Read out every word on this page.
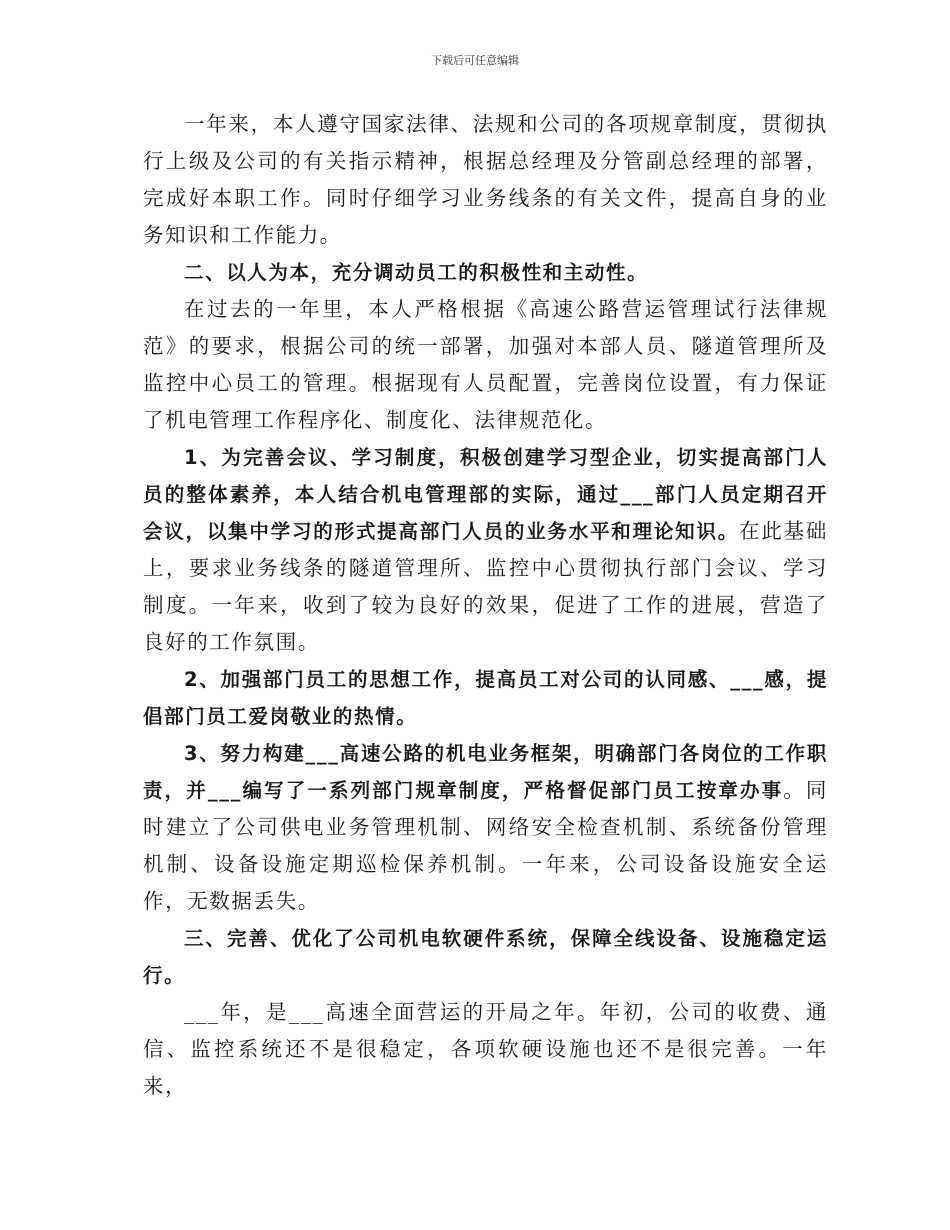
下载后可任意编辑

一年来，本人遵守国家法律、法规和公司的各项规章制度，贯彻执行上级及公司的有关指示精神，根据总经理及分管副总经理的部署，完成好本职工作。同时仔细学习业务线条的有关文件，提高自身的业务知识和工作能力。

二、以人为本，充分调动员工的积极性和主动性。

在过去的一年里，本人严格根据《高速公路营运管理试行法律规范》的要求，根据公司的统一部署，加强对本部人员、隧道管理所及监控中心员工的管理。根据现有人员配置，完善岗位设置，有力保证了机电管理工作程序化、制度化、法律规范化。

1、为完善会议、学习制度，积极创建学习型企业，切实提高部门人员的整体素养，本人结合机电管理部的实际，通过___部门人员定期召开会议，以集中学习的形式提高部门人员的业务水平和理论知识。在此基础上，要求业务线条的隧道管理所、监控中心贯彻执行部门会议、学习制度。一年来，收到了较为良好的效果，促进了工作的进展，营造了良好的工作氛围。

2、加强部门员工的思想工作，提高员工对公司的认同感、___感，提倡部门员工爱岗敬业的热情。

3、努力构建___高速公路的机电业务框架，明确部门各岗位的工作职责，并___编写了一系列部门规章制度，严格督促部门员工按章办事。同时建立了公司供电业务管理机制、网络安全检查机制、系统备份管理机制、设备设施定期巡检保养机制。一年来，公司设备设施安全运作，无数据丢失。

三、完善、优化了公司机电软硬件系统，保障全线设备、设施稳定运行。

___年，是___高速全面营运的开局之年。年初，公司的收费、通信、监控系统还不是很稳定，各项软硬设施也还不是很完善。一年来，
